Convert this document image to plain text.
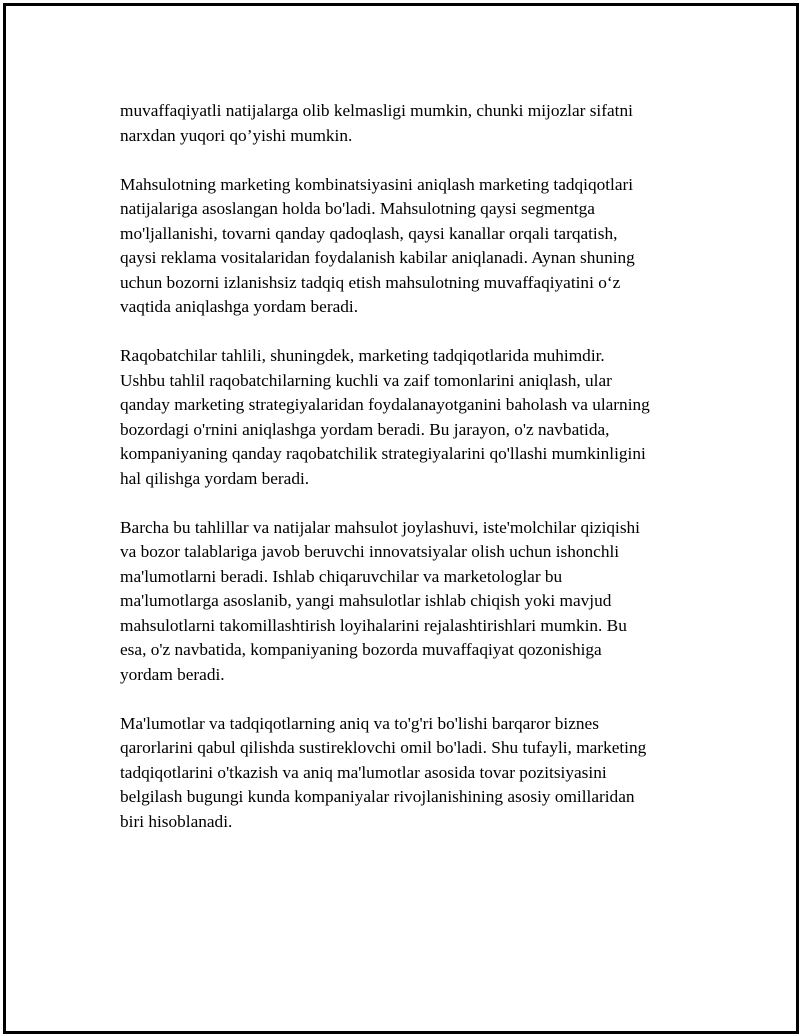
muvaffaqiyatli natijalarga olib kelmasligi mumkin, chunki mijozlar sifatni
narxdan yuqori qo’yishi mumkin.

Mahsulotning marketing kombinatsiyasini aniqlash marketing tadqiqotlari
natijalariga asoslangan holda bo'ladi. Mahsulotning qaysi segmentga
mo'ljallanishi, tovarni qanday qadoqlash, qaysi kanallar orqali tarqatish,
qaysi reklama vositalaridan foydalanish kabilar aniqlanadi. Aynan shuning
uchun bozorni izlanishsiz tadqiq etish mahsulotning muvaffaqiyatini o‘z
vaqtida aniqlashga yordam beradi.

Raqobatchilar tahlili, shuningdek, marketing tadqiqotlarida muhimdir.
Ushbu tahlil raqobatchilarning kuchli va zaif tomonlarini aniqlash, ular
qanday marketing strategiyalaridan foydalanayotganini baholash va ularning
bozordagi o'rnini aniqlashga yordam beradi. Bu jarayon, o'z navbatida,
kompaniyaning qanday raqobatchilik strategiyalarini qo'llashi mumkinligini
hal qilishga yordam beradi.

Barcha bu tahlillar va natijalar mahsulot joylashuvi, iste'molchilar qiziqishi
va bozor talablariga javob beruvchi innovatsiyalar olish uchun ishonchli
ma'lumotlarni beradi. Ishlab chiqaruvchilar va marketologlar bu
ma'lumotlarga asoslanib, yangi mahsulotlar ishlab chiqish yoki mavjud
mahsulotlarni takomillashtirish loyihalarini rejalashtirishlari mumkin. Bu
esa, o'z navbatida, kompaniyaning bozorda muvaffaqiyat qozonishiga
yordam beradi.

Ma'lumotlar va tadqiqotlarning aniq va to'g'ri bo'lishi barqaror biznes
qarorlarini qabul qilishda sustireklovchi omil bo'ladi. Shu tufayli, marketing
tadqiqotlarini o'tkazish va aniq ma'lumotlar asosida tovar pozitsiyasini
belgilash bugungi kunda kompaniyalar rivojlanishining asosiy omillaridan
biri hisoblanadi.
